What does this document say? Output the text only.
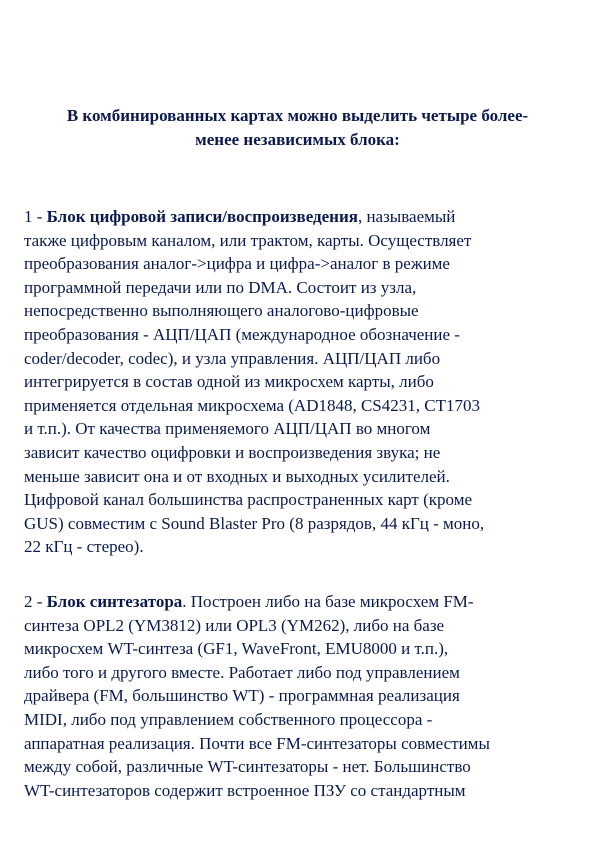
В комбинированных картах можно выделить четыре более-
менее независимых блока:
1 - Блок цифровой записи/воспроизведения, называемый
также цифровым каналом, или трактом, карты. Осуществляет
преобразования аналог->цифра и цифра->аналог в режиме
программной передачи или по DMA. Состоит из узла,
непосредственно выполняющего аналогово-цифровые
преобразования - АЦП/ЦАП (международное обозначение -
coder/decoder, codec), и узла управления. АЦП/ЦАП либо
интегрируется в состав одной из микросхем карты, либо
применяется отдельная микросхема (AD1848, CS4231, CT1703
и т.п.). От качества применяемого АЦП/ЦАП во многом
зависит качество оцифровки и воспроизведения звука; не
меньше зависит она и от входных и выходных усилителей.
Цифровой канал большинства распространенных карт (кроме
GUS) совместим с Sound Blaster Pro (8 разрядов, 44 кГц - моно,
22 кГц - стерео).
2 - Блок синтезатора. Построен либо на базе микросхем FM-
синтеза OPL2 (YM3812) или OPL3 (YM262), либо на базе
микросхем WT-синтеза (GF1, WaveFront, EMU8000 и т.п.),
либо того и другого вместе. Работает либо под управлением
драйвера (FM, большинство WT) - программная реализация
MIDI, либо под управлением собственного процессора -
аппаратная реализация. Почти все FM-синтезаторы совместимы
между собой, различные WT-синтезаторы - нет. Большинство
WT-синтезаторов содержит встроенное ПЗУ со стандартным
